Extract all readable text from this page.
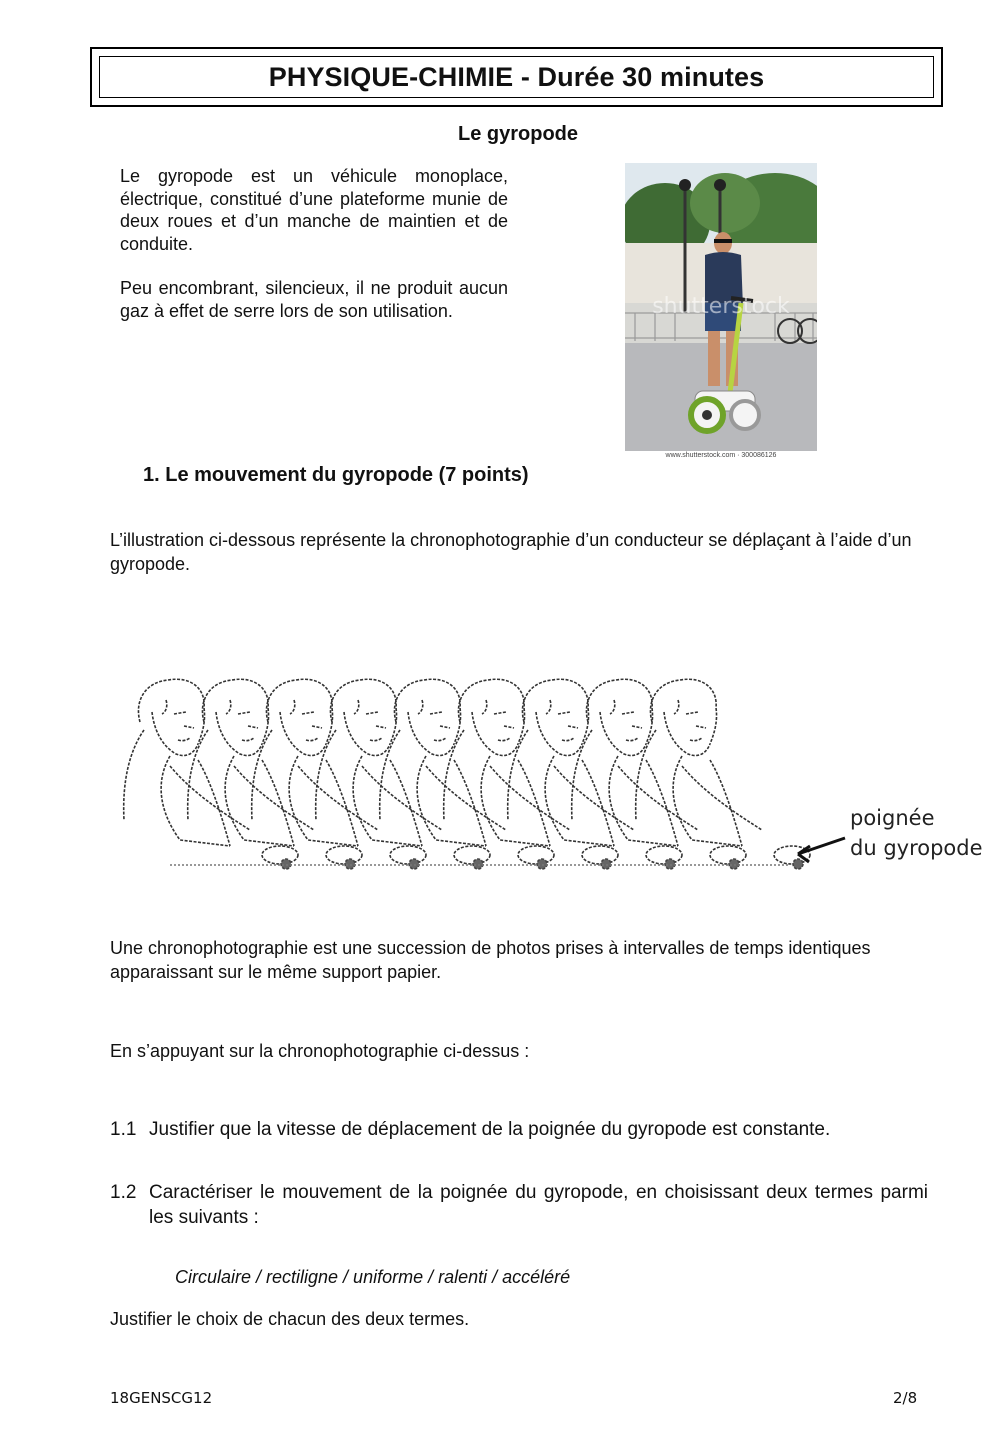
PHYSIQUE-CHIMIE - Durée 30 minutes
Le gyropode

Le gyropode est un véhicule monoplace, électrique, constitué d’une plateforme munie de deux roues et d’un manche de maintien et de conduite.

Peu encombrant, silencieux, il ne produit aucun gaz à effet de serre lors de son utilisation.	shutterstock
www.shutterstock.com · 300086126
1. Le mouvement du gyropode (7 points)
L’illustration ci-dessous représente la chronophotographie d’un conducteur se déplaçant à l’aide d’un gyropode.
poignée
du gyropode
Une chronophotographie est une succession de photos prises à intervalles de temps identiques apparaissant sur le même support papier.
En s’appuyant sur la chronophotographie ci-dessus :
1.1 Justifier que la vitesse de déplacement de la poignée du gyropode est constante.
1.2 Caractériser le mouvement de la poignée du gyropode, en choisissant deux termes parmi les suivants :
Circulaire / rectiligne / uniforme / ralenti / accéléré
Justifier le choix de chacun des deux termes.
18GENSCG12	2/8
